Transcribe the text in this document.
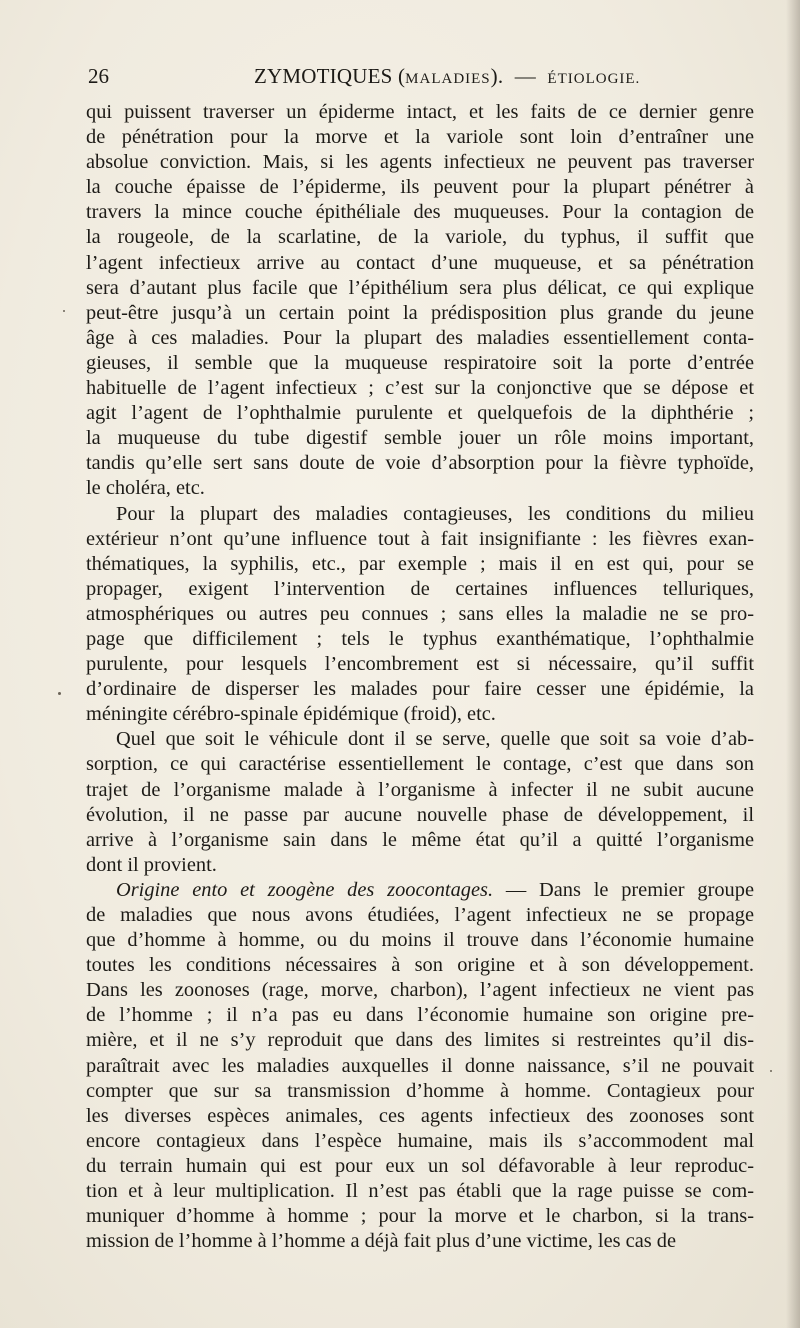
26	ZYMOTIQUES (MALADIES). — ÉTIOLOGIE.
qui puissent traverser un épiderme intact, et les faits de ce dernier genre
de pénétration pour la morve et la variole sont loin d’entraîner une
absolue conviction. Mais, si les agents infectieux ne peuvent pas traverser
la couche épaisse de l’épiderme, ils peuvent pour la plupart pénétrer à
travers la mince couche épithéliale des muqueuses. Pour la contagion de
la rougeole, de la scarlatine, de la variole, du typhus, il suffit que
l’agent infectieux arrive au contact d’une muqueuse, et sa pénétration
sera d’autant plus facile que l’épithélium sera plus délicat, ce qui explique
peut-être jusqu’à un certain point la prédisposition plus grande du jeune
âge à ces maladies. Pour la plupart des maladies essentiellement conta-
gieuses, il semble que la muqueuse respiratoire soit la porte d’entrée
habituelle de l’agent infectieux ; c’est sur la conjonctive que se dépose et
agit l’agent de l’ophthalmie purulente et quelquefois de la diphthérie ;
la muqueuse du tube digestif semble jouer un rôle moins important,
tandis qu’elle sert sans doute de voie d’absorption pour la fièvre typhoïde,
le choléra, etc.
Pour la plupart des maladies contagieuses, les conditions du milieu
extérieur n’ont qu’une influence tout à fait insignifiante : les fièvres exan-
thématiques, la syphilis, etc., par exemple ; mais il en est qui, pour se
propager, exigent l’intervention de certaines influences telluriques,
atmosphériques ou autres peu connues ; sans elles la maladie ne se pro-
page que difficilement ; tels le typhus exanthématique, l’ophthalmie
purulente, pour lesquels l’encombrement est si nécessaire, qu’il suffit
d’ordinaire de disperser les malades pour faire cesser une épidémie, la
méningite cérébro-spinale épidémique (froid), etc.
Quel que soit le véhicule dont il se serve, quelle que soit sa voie d’ab-
sorption, ce qui caractérise essentiellement le contage, c’est que dans son
trajet de l’organisme malade à l’organisme à infecter il ne subit aucune
évolution, il ne passe par aucune nouvelle phase de développement, il
arrive à l’organisme sain dans le même état qu’il a quitté l’organisme
dont il provient.
Origine ento et zoogène des zoocontages. — Dans le premier groupe
de maladies que nous avons étudiées, l’agent infectieux ne se propage
que d’homme à homme, ou du moins il trouve dans l’économie humaine
toutes les conditions nécessaires à son origine et à son développement.
Dans les zoonoses (rage, morve, charbon), l’agent infectieux ne vient pas
de l’homme ; il n’a pas eu dans l’économie humaine son origine pre-
mière, et il ne s’y reproduit que dans des limites si restreintes qu’il dis-
paraîtrait avec les maladies auxquelles il donne naissance, s’il ne pouvait
compter que sur sa transmission d’homme à homme. Contagieux pour
les diverses espèces animales, ces agents infectieux des zoonoses sont
encore contagieux dans l’espèce humaine, mais ils s’accommodent mal
du terrain humain qui est pour eux un sol défavorable à leur reproduc-
tion et à leur multiplication. Il n’est pas établi que la rage puisse se com-
muniquer d’homme à homme ; pour la morve et le charbon, si la trans-
mission de l’homme à l’homme a déjà fait plus d’une victime, les cas de
